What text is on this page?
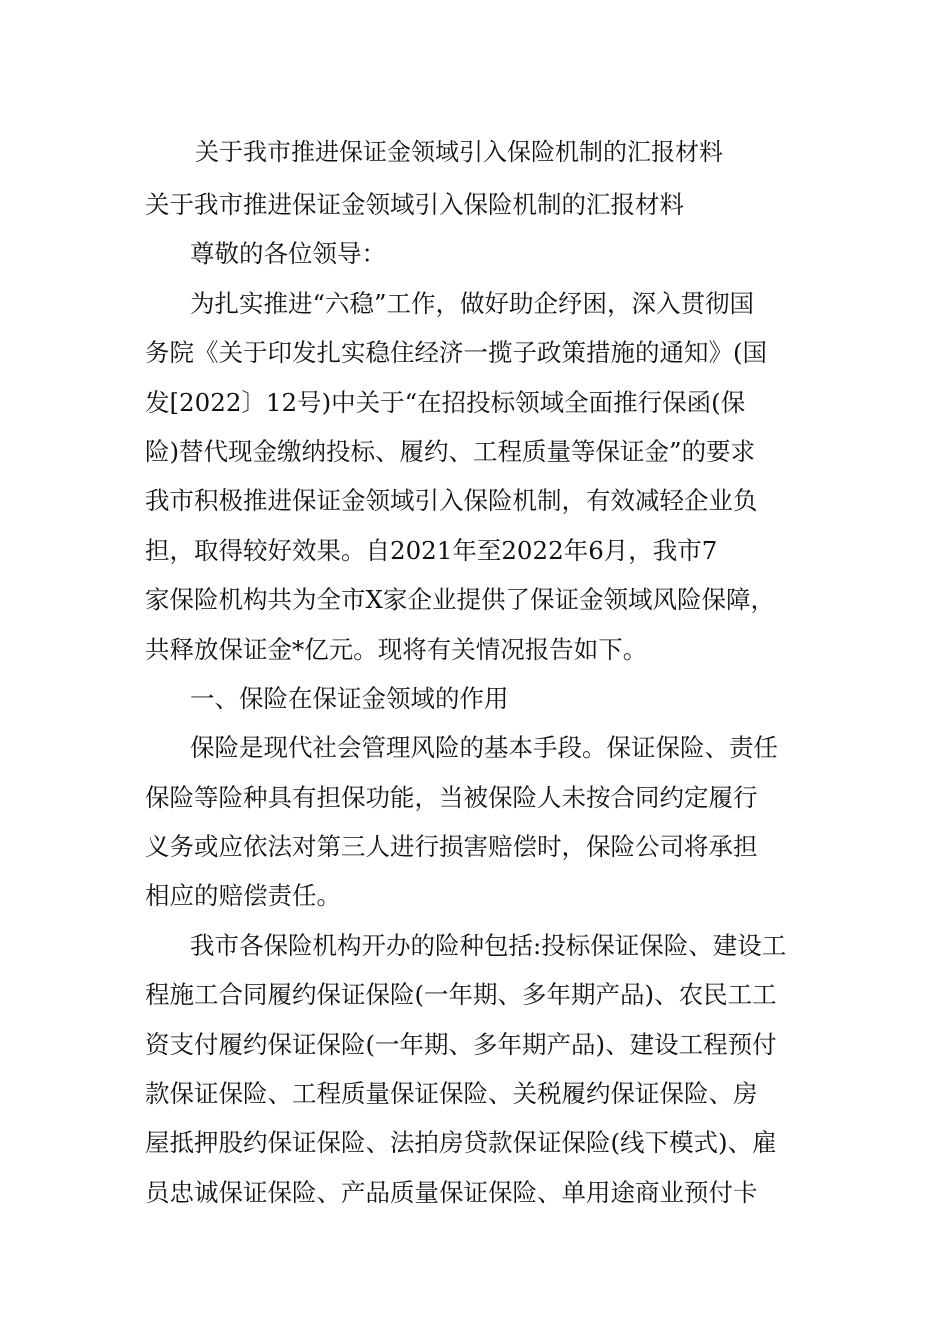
关于我市推进保证金领域引入保险机制的汇报材料
关于我市推进保证金领域引入保险机制的汇报材料
尊敬的各位领导：
为扎实推进“六稳”工作，做好助企纾困，深入贯彻国
务院《关于印发扎实稳住经济一揽子政策措施的通知》(国
发[2022〕12号)中关于“在招投标领域全面推行保函(保
险)替代现金缴纳投标、履约、工程质量等保证金”的要求
我市积极推进保证金领域引入保险机制，有效减轻企业负
担，取得较好效果。自2021年至2022年6月，我市7
家保险机构共为全市X家企业提供了保证金领域风险保障，
共释放保证金*亿元。现将有关情况报告如下。
一、保险在保证金领域的作用
保险是现代社会管理风险的基本手段。保证保险、责任
保险等险种具有担保功能，当被保险人未按合同约定履行
义务或应依法对第三人进行损害赔偿时，保险公司将承担
相应的赔偿责任。
我市各保险机构开办的险种包括:投标保证保险、建设工
程施工合同履约保证保险(一年期、多年期产品)、农民工工
资支付履约保证保险(一年期、多年期产品)、建设工程预付
款保证保险、工程质量保证保险、关税履约保证保险、房
屋抵押股约保证保险、法拍房贷款保证保险(线下模式)、雇
员忠诚保证保险、产品质量保证保险、单用途商业预付卡
